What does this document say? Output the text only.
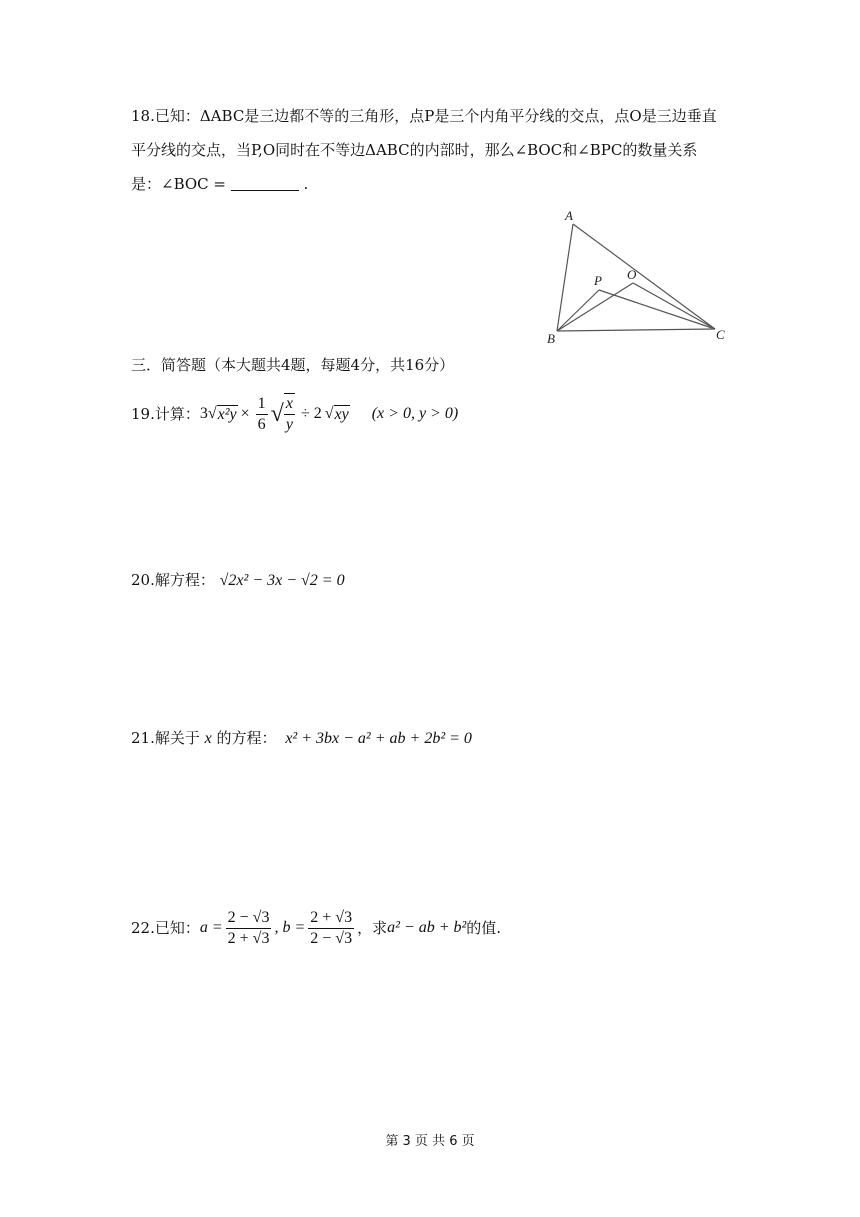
18.已知：ΔABC是三边都不等的三角形，点P是三个内角平分线的交点，点O是三边垂直
平分线的交点，当P,O同时在不等边ΔABC的内部时，那么∠BOC和∠BPC的数量关系
是：∠BOC =	.
A
B	C
P O
三．简答题（本大题共4题，每题4分，共16分）
19.计算： 3 √ $x^2y \times \frac{1}{6}$ √ $\frac{x}{y} \div 2$ √ xy (x > 0, y > 0)
20.解方程： √2x² − 3x − √2 = 0
21.解关于 x 的方程： x² + 3bx − a² + ab + 2b² = 0
22.已知： $a = \frac{2 - √3}{2 + √3}$ , $b = \frac{2 + √3}{2 - √3}$ ，求 a² − ab + b² 的值.
第 3 页 共 6 页
